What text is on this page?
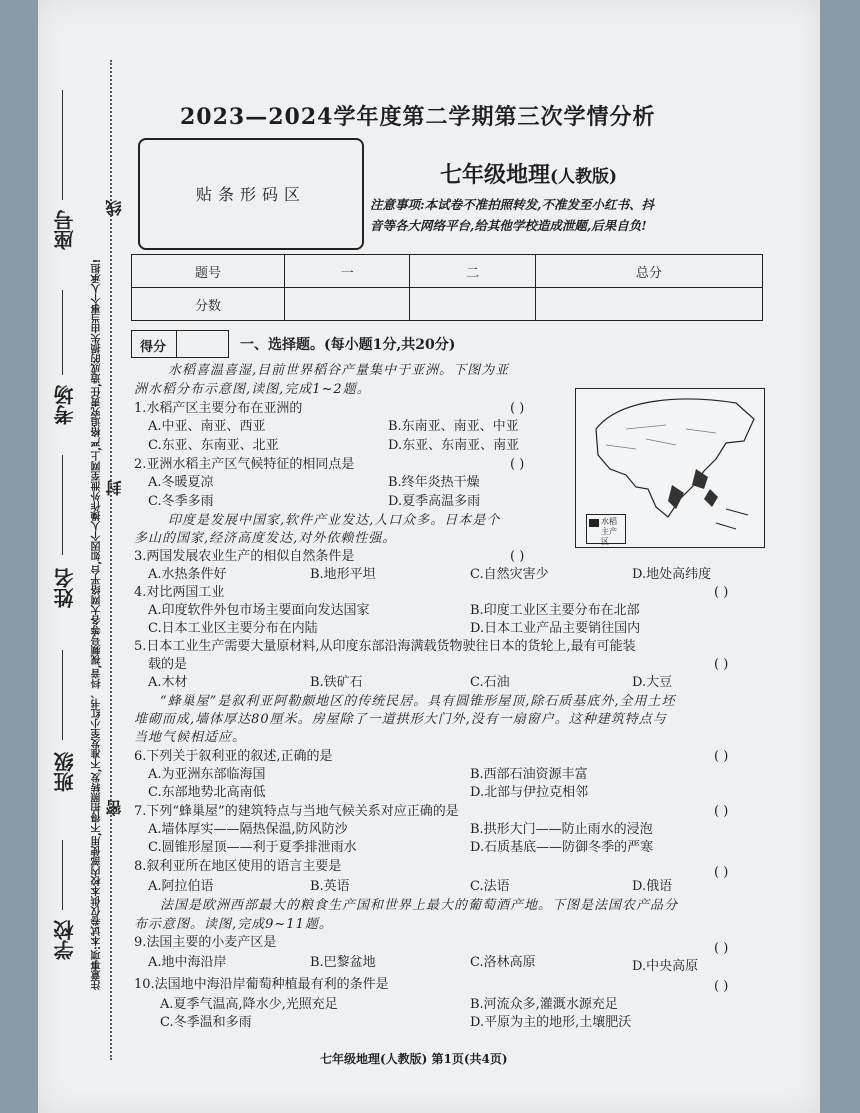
注意事项:本试卷仅供本校内部使用,不得拍照转发,不准发至小红书、抖音,视频号等各大网络平台,如因个人操作外泄至网上,严格追究责任,造成的损失由当事个人承担!
学校
班级
姓名
考场
座号
密
封
线
2023—2024学年度第二学期第三次学情分析
贴条形码区
七年级地理(人教版)
注意事项:本试卷不准拍照转发,不准发至小红书、抖
音等各大网络平台,给其他学校造成泄题,后果自负!
题号	一	二	总分
分数			
得分	一、选择题。(每小题1分,共20分)
水稻喜温喜湿,目前世界稻谷产量集中于亚洲。下图为亚
洲水稻分布示意图,读图,完成1~2题。
水稻主产区
1.水稻产区主要分布在亚洲的	( )
A.中亚、南亚、西亚	B.东南亚、南亚、中亚
C.东亚、东南亚、北亚	D.东亚、东南亚、南亚
2.亚洲水稻主产区气候特征的相同点是	( )
A.冬暖夏凉	B.终年炎热干燥
C.冬季多雨	D.夏季高温多雨
印度是发展中国家,软件产业发达,人口众多。日本是个
多山的国家,经济高度发达,对外依赖性强。
3.两国发展农业生产的相似自然条件是	( )
A.水热条件好	B.地形平坦	C.自然灾害少	D.地处高纬度
4.对比两国工业	( )
A.印度软件外包市场主要面向发达国家	B.印度工业区主要分布在北部
C.日本工业区主要分布在内陆	D.日本工业产品主要销往国内
5.日本工业生产需要大量原材料,从印度东部沿海满载货物驶往日本的货轮上,最有可能装
载的是	( )
A.木材	B.铁矿石	C.石油	D.大豆
“蜂巢屋”是叙利亚阿勒颇地区的传统民居。具有圆锥形屋顶,除石质基底外,全用土坯
堆砌而成,墙体厚达80厘米。房屋除了一道拱形大门外,没有一扇窗户。这种建筑特点与
当地气候相适应。
6.下列关于叙利亚的叙述,正确的是	( )
A.为亚洲东部临海国	B.西部石油资源丰富
C.东部地势北高南低	D.北部与伊拉克相邻
7.下列“蜂巢屋”的建筑特点与当地气候关系对应正确的是	( )
A.墙体厚实——隔热保温,防风防沙	B.拱形大门——防止雨水的浸泡
C.圆锥形屋顶——利于夏季排泄雨水	D.石质基底——防御冬季的严寒
8.叙利亚所在地区使用的语言主要是	( )
A.阿拉伯语	B.英语	C.法语	D.俄语
法国是欧洲西部最大的粮食生产国和世界上最大的葡萄酒产地。下图是法国农产品分
布示意图。读图,完成9~11题。
9.法国主要的小麦产区是	( )
A.地中海沿岸	B.巴黎盆地	C.洛林高原	D.中央高原
10.法国地中海沿岸葡萄种植最有利的条件是	( )
A.夏季气温高,降水少,光照充足	B.河流众多,灌溉水源充足
C.冬季温和多雨	D.平原为主的地形,土壤肥沃
七年级地理(人教版) 第1页(共4页)
